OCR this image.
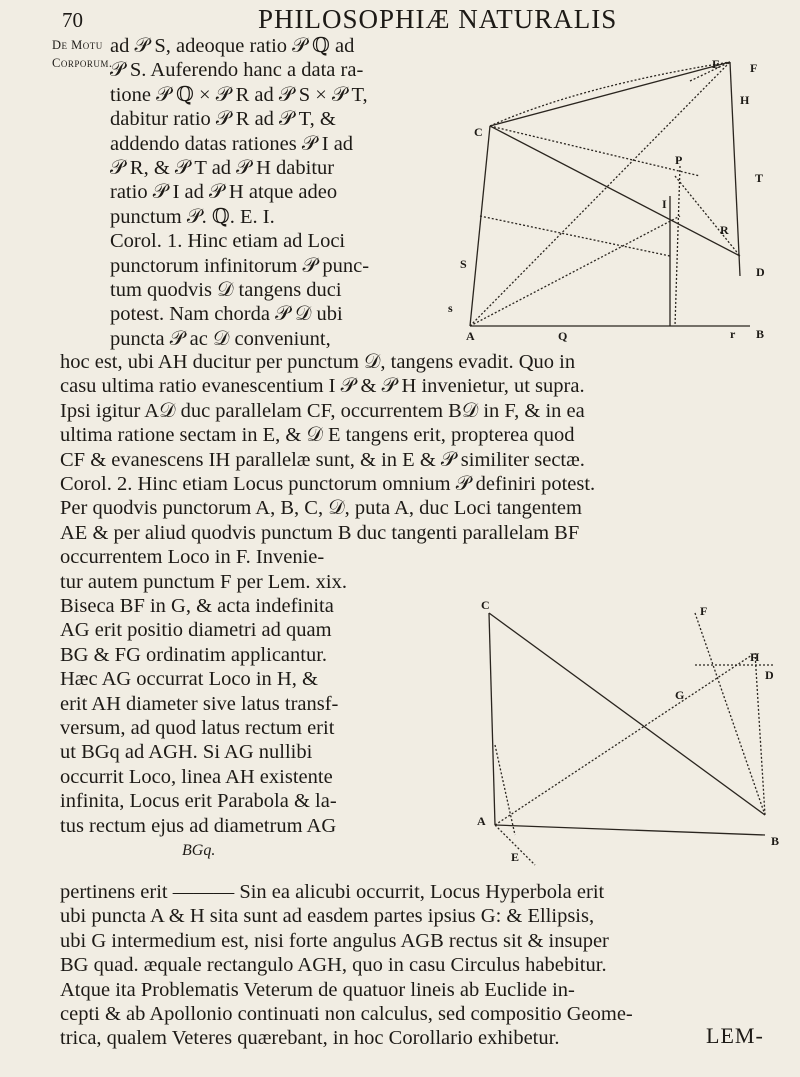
70	PHILOSOPHIÆ NATURALIS
De Motu
Corporum.
ad 𝒫 S, adeoque ratio 𝒫 ℚ ad
𝒫 S. Auferendo hanc a data ra-
tione 𝒫 ℚ × 𝒫 R ad 𝒫 S × 𝒫 T,
dabitur ratio 𝒫 R ad 𝒫 T, &
addendo datas rationes 𝒫 I ad
𝒫 R, & 𝒫 T ad 𝒫 H dabitur
ratio 𝒫 I ad 𝒫 H atque adeo
punctum 𝒫. ℚ. E. I.
Corol. 1. Hinc etiam ad Loci
punctorum infinitorum 𝒫 punc-
tum quodvis 𝒟 tangens duci
potest. Nam chorda 𝒫 𝒟 ubi
puncta 𝒫 ac 𝒟 conveniunt,
E F
H
C
P
T
I
R
D
S
s
A	Q	r B
hoc est, ubi AH ducitur per punctum 𝒟, tangens evadit. Quo in
casu ultima ratio evanescentium I 𝒫 & 𝒫 H invenietur, ut supra.
Ipsi igitur A𝒟 duc parallelam CF, occurrentem B𝒟 in F, & in ea
ultima ratione sectam in E, & 𝒟 E tangens erit, propterea quod
CF & evanescens IH parallelæ sunt, & in E & 𝒫 similiter sectæ.
Corol. 2. Hinc etiam Locus punctorum omnium 𝒫 definiri potest.
Per quodvis punctorum A, B, C, 𝒟, puta A, duc Loci tangentem
AE & per aliud quodvis punctum B duc tangenti parallelam BF
occurrentem Loco in F. Invenie-
tur autem punctum F per Lem. xix.
Biseca BF in G, & acta indefinita
AG erit positio diametri ad quam
BG & FG ordinatim applicantur.
Hæc AG occurrat Loco in H, &
erit AH diameter sive latus transf-
versum, ad quod latus rectum erit
ut BGq ad AGH. Si AG nullibi
occurrit Loco, linea AH existente
infinita, Locus erit Parabola & la-
tus rectum ejus ad diametrum AG
C	F
H
D
G
A
E
B
BGq.
pertinens erit ——— Sin ea alicubi occurrit, Locus Hyperbola erit
ubi puncta A & H sita sunt ad easdem partes ipsius G: & Ellipsis,
ubi G intermedium est, nisi forte angulus AGB rectus sit & insuper
BG quad. æquale rectangulo AGH, quo in casu Circulus habebitur.
Atque ita Problematis Veterum de quatuor lineis ab Euclide in-
cepti & ab Apollonio continuati non calculus, sed compositio Geome-
trica, qualem Veteres quærebant, in hoc Corollario exhibetur.	LEM-
